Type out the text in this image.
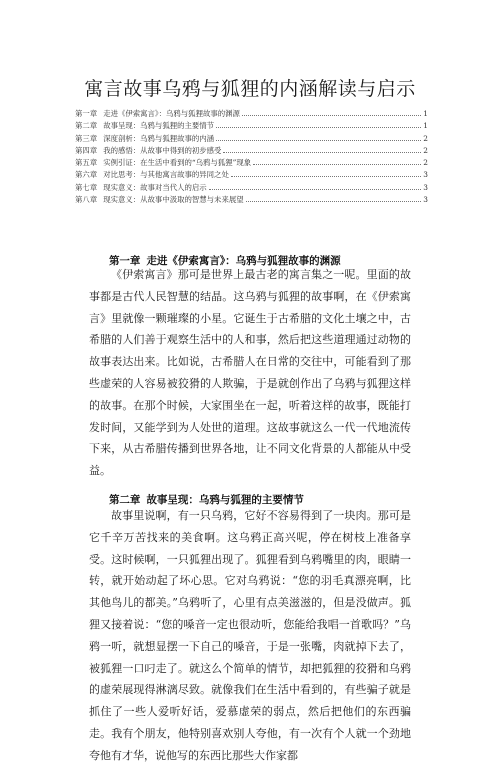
寓言故事乌鸦与狐狸的内涵解读与启示
第一章 走进《伊索寓言》：乌鸦与狐狸故事的渊源	1
第二章 故事呈现：乌鸦与狐狸的主要情节	1
第三章 深度剖析：乌鸦与狐狸故事的内涵	2
第四章 我的感悟：从故事中得到的初步感受	2
第五章 实例引证：在生活中看到的“乌鸦与狐狸”现象	2
第六章 对比思考：与其他寓言故事的异同之处	3
第七章 现实意义：故事对当代人的启示	3
第八章 现实意义：从故事中汲取的智慧与未来展望	3
第一章 走进《伊索寓言》：乌鸦与狐狸故事的渊源

《伊索寓言》那可是世界上最古老的寓言集之一呢。里面的故事都是古代人民智慧的结晶。这乌鸦与狐狸的故事啊，在《伊索寓言》里就像一颗璀璨的小星。它诞生于古希腊的文化土壤之中，古希腊的人们善于观察生活中的人和事，然后把这些道理通过动物的故事表达出来。比如说，古希腊人在日常的交往中，可能看到了那些虚荣的人容易被狡猾的人欺骗，于是就创作出了乌鸦与狐狸这样的故事。在那个时候，大家围坐在一起，听着这样的故事，既能打发时间，又能学到为人处世的道理。这故事就这么一代一代地流传下来，从古希腊传播到世界各地，让不同文化背景的人都能从中受益。

第二章 故事呈现：乌鸦与狐狸的主要情节

故事里说啊，有一只乌鸦，它好不容易得到了一块肉。那可是它千辛万苦找来的美食啊。这乌鸦正高兴呢，停在树枝上准备享受。这时候啊，一只狐狸出现了。狐狸看到乌鸦嘴里的肉，眼睛一转，就开始动起了坏心思。它对乌鸦说：“您的羽毛真漂亮啊，比其他鸟儿的都美。”乌鸦听了，心里有点美滋滋的，但是没做声。狐狸又接着说：“您的嗓音一定也很动听，您能给我唱一首歌吗？”乌鸦一听，就想显摆一下自己的嗓音，于是一张嘴，肉就掉下去了，被狐狸一口叼走了。就这么个简单的情节，却把狐狸的狡猾和乌鸦的虚荣展现得淋漓尽致。就像我们在生活中看到的，有些骗子就是抓住了一些人爱听好话，爱慕虚荣的弱点，然后把他们的东西骗走。我有个朋友，他特别喜欢别人夸他，有一次有个人就一个劲地夸他有才华，说他写的东西比那些大作家都
